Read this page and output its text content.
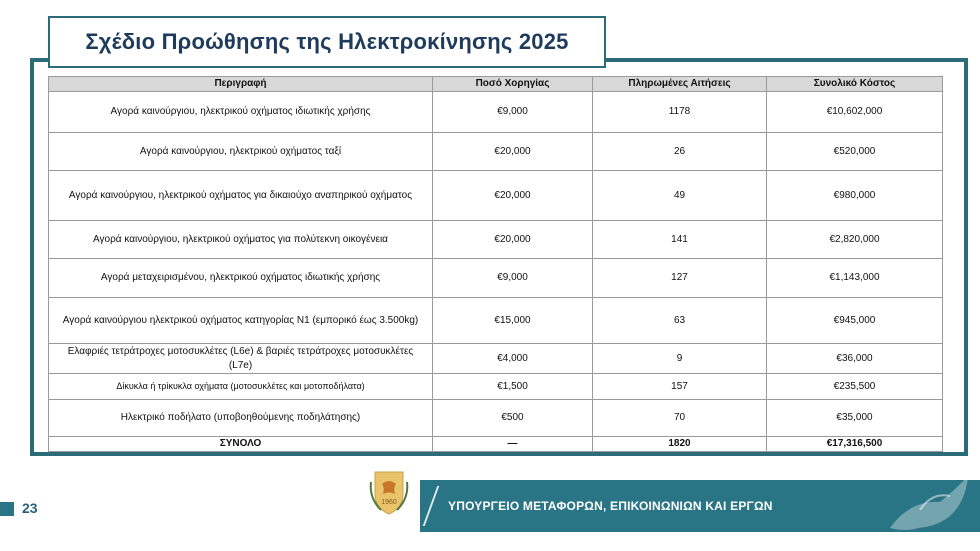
Σχέδιο Προώθησης της Ηλεκτροκίνησης 2025
Περιγραφή	Ποσό Χορηγίας	Πληρωμένες Αιτήσεις	Συνολικό Κόστος
Αγορά καινούργιου, ηλεκτρικού οχήματος ιδιωτικής χρήσης	€9,000	1178	€10,602,000
Αγορά καινούργιου, ηλεκτρικού οχήματος ταξί	€20,000	26	€520,000
Αγορά καινούργιου, ηλεκτρικού οχήματος για δικαιούχο αναπηρικού οχήματος	€20,000	49	€980,000
Αγορά καινούργιου, ηλεκτρικού οχήματος για πολύτεκνη οικογένεια	€20,000	141	€2,820,000
Αγορά μεταχειρισμένου, ηλεκτρικού οχήματος ιδιωτικής χρήσης	€9,000	127	€1,143,000
Αγορά καινούργιου ηλεκτρικού οχήματος κατηγορίας Ν1 (εμπορικό έως 3.500kg)	€15,000	63	€945,000
Ελαφριές τετράτροχες μοτοσυκλέτες (L6e) & βαριές τετράτροχες μοτοσυκλέτες (L7e)	€4,000	9	€36,000
Δίκυκλα ή τρίκυκλα οχήματα (μοτοσυκλέτες και μοτοποδήλατα)	€1,500	157	€235,500
Ηλεκτρικό ποδήλατο (υποβοηθούμενης ποδηλάτησης)	€500	70	€35,000
ΣΥΝΟΛΟ	—	1820	€17,316,500
23	1960	ΥΠΟΥΡΓΕΙΟ ΜΕΤΑΦΟΡΩΝ, ΕΠΙΚΟΙΝΩΝΙΩΝ ΚΑΙ ΕΡΓΩΝ
